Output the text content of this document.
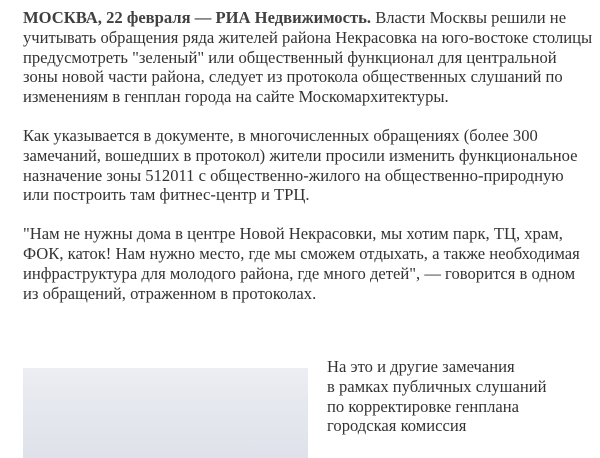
МОСКВА, 22 февраля — РИА Недвижимость. Власти Москвы решили не учитывать обращения ряда жителей района Некрасовка на юго-востоке столицы предусмотреть "зеленый" или общественный функционал для центральной зоны новой части района, следует из протокола общественных слушаний по изменениям в генплан города на сайте Москомархитектуры.

Как указывается в документе, в многочисленных обращениях (более 300 замечаний, вошедших в протокол) жители просили изменить функциональное назначение зоны 512011 с общественно-жилого на общественно-природную или построить там фитнес-центр и ТРЦ.

"Нам не нужны дома в центре Новой Некрасовки, мы хотим парк, ТЦ, храм, ФОК, каток! Нам нужно место, где мы сможем отдыхать, а также необходимая инфраструктура для молодого района, где много детей", — говорится в одном из обращений, отраженном в протоколах.

На это и другие замечания
в рамках публичных слушаний
по корректировке генплана
городская комиссия
